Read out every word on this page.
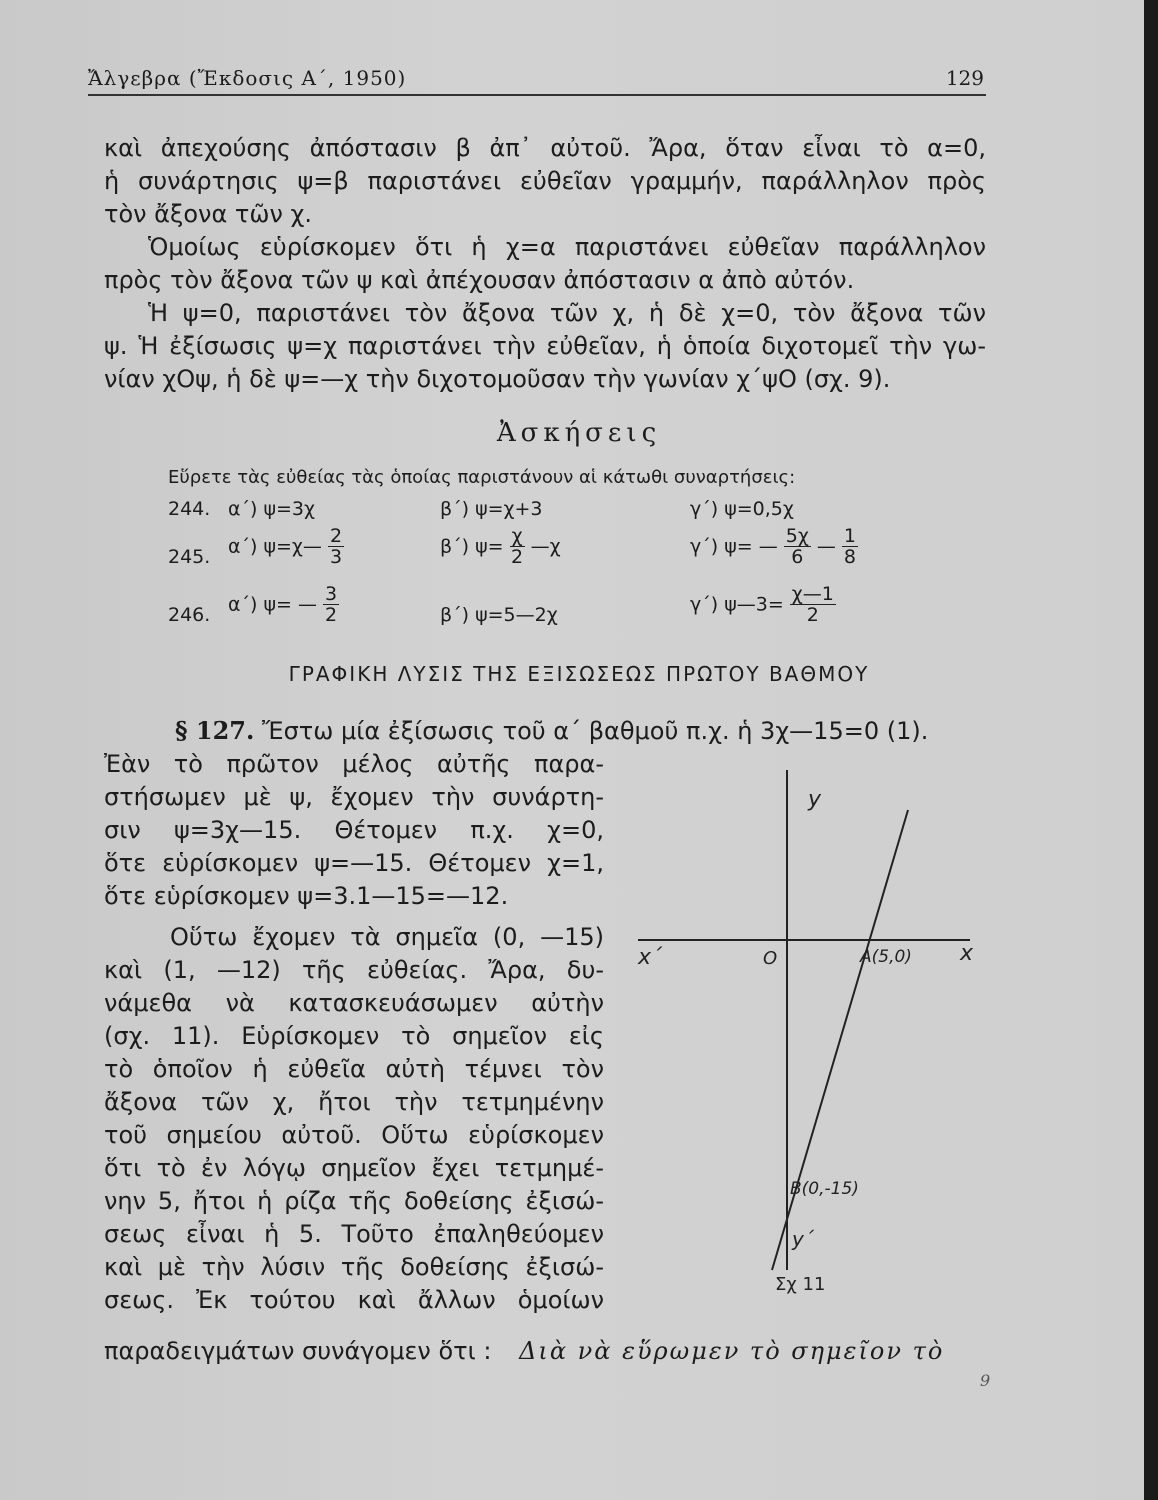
Ἄλγεβρα (Ἔκδοσις Α΄, 1950)	129
καὶ ἀπεχούσης ἀπόστασιν β ἀπ᾽ αὐτοῦ. Ἄρα, ὅταν εἶναι τὸ α=0,
ἡ συνάρτησις ψ=β παριστάνει εὐθεῖαν γραμμήν, παράλληλον πρὸς
τὸν ἄξονα τῶν χ.
Ὁμοίως εὑρίσκομεν ὅτι ἡ χ=α παριστάνει εὐθεῖαν παράλληλον
πρὸς τὸν ἄξονα τῶν ψ καὶ ἀπέχουσαν ἀπόστασιν α ἀπὸ αὐτόν.
Ἡ ψ=0, παριστάνει τὸν ἄξονα τῶν χ, ἡ δὲ χ=0, τὸν ἄξονα τῶν
ψ. Ἡ ἐξίσωσις ψ=χ παριστάνει τὴν εὐθεῖαν, ἡ ὁποία διχοτομεῖ τὴν γω-
νίαν χΟψ, ἡ δὲ ψ=—χ τὴν διχοτομοῦσαν τὴν γωνίαν χ΄ψΟ (σχ. 9).
Ἀσκήσεις
Εὕρετε τὰς εὐθείας τὰς ὁποίας παριστάνουν αἱ κάτωθι συναρτήσεις:
244. α΄) ψ=3χ	β΄) ψ=χ+3	γ΄) ψ=0,5χ
245. α΄) ψ=χ— $\frac{2}{3}$	β΄) $\psi= \frac{\chi}{2}$ —χ	γ΄) ψ= — $\frac{5\chi}{6}$ — $\frac{1}{8}$
246. α΄) ψ= — $\frac{3}{2}$	β΄) ψ=5—2χ	γ΄) ψ—3= $\frac{\chi—1}{2}$
ΓΡΑΦΙΚΗ ΛΥΣΙΣ ΤΗΣ ΕΞΙΣΩΣΕΩΣ ΠΡΩΤΟΥ ΒΑΘΜΟΥ
§ 127. Ἔστω μία ἐξίσωσις τοῦ α΄ βαθμοῦ π.χ. ἡ 3χ—15=0 (1).
Ἐὰν τὸ πρῶτον μέλος αὐτῆς παρα-
στήσωμεν μὲ ψ, ἔχομεν τὴν συνάρτη-
σιν ψ=3χ—15. Θέτομεν π.χ. χ=0,
ὅτε εὑρίσκομεν ψ=—15. Θέτομεν χ=1,
ὅτε εὑρίσκομεν ψ=3.1—15=—12.
Οὕτω ἔχομεν τὰ σημεῖα (0, —15)
καὶ (1, —12) τῆς εὐθείας. Ἄρα, δυ-
νάμεθα νὰ κατασκευάσωμεν αὐτὴν
(σχ. 11). Εὑρίσκομεν τὸ σημεῖον εἰς
τὸ ὁποῖον ἡ εὐθεῖα αὐτὴ τέμνει τὸν
ἄξονα τῶν χ, ἤτοι τὴν τετμημένην
τοῦ σημείου αὐτοῦ. Οὕτω εὑρίσκομεν
ὅτι τὸ ἐν λόγῳ σημεῖον ἔχει τετμημέ-
νην 5, ἤτοι ἡ ρίζα τῆς δοθείσης ἐξισώ-
σεως εἶναι ἡ 5. Τοῦτο ἐπαληθεύομεν
καὶ μὲ τὴν λύσιν τῆς δοθείσης ἐξισώ-
σεως. Ἐκ τούτου καὶ ἄλλων ὁμοίων
παραδειγμάτων συνάγομεν ὅτι : Διὰ νὰ εὕρωμεν τὸ σημεῖον τὸ
9
y
x΄	O	A(5,0) x
B(0,-15)
y΄
Σχ 11
